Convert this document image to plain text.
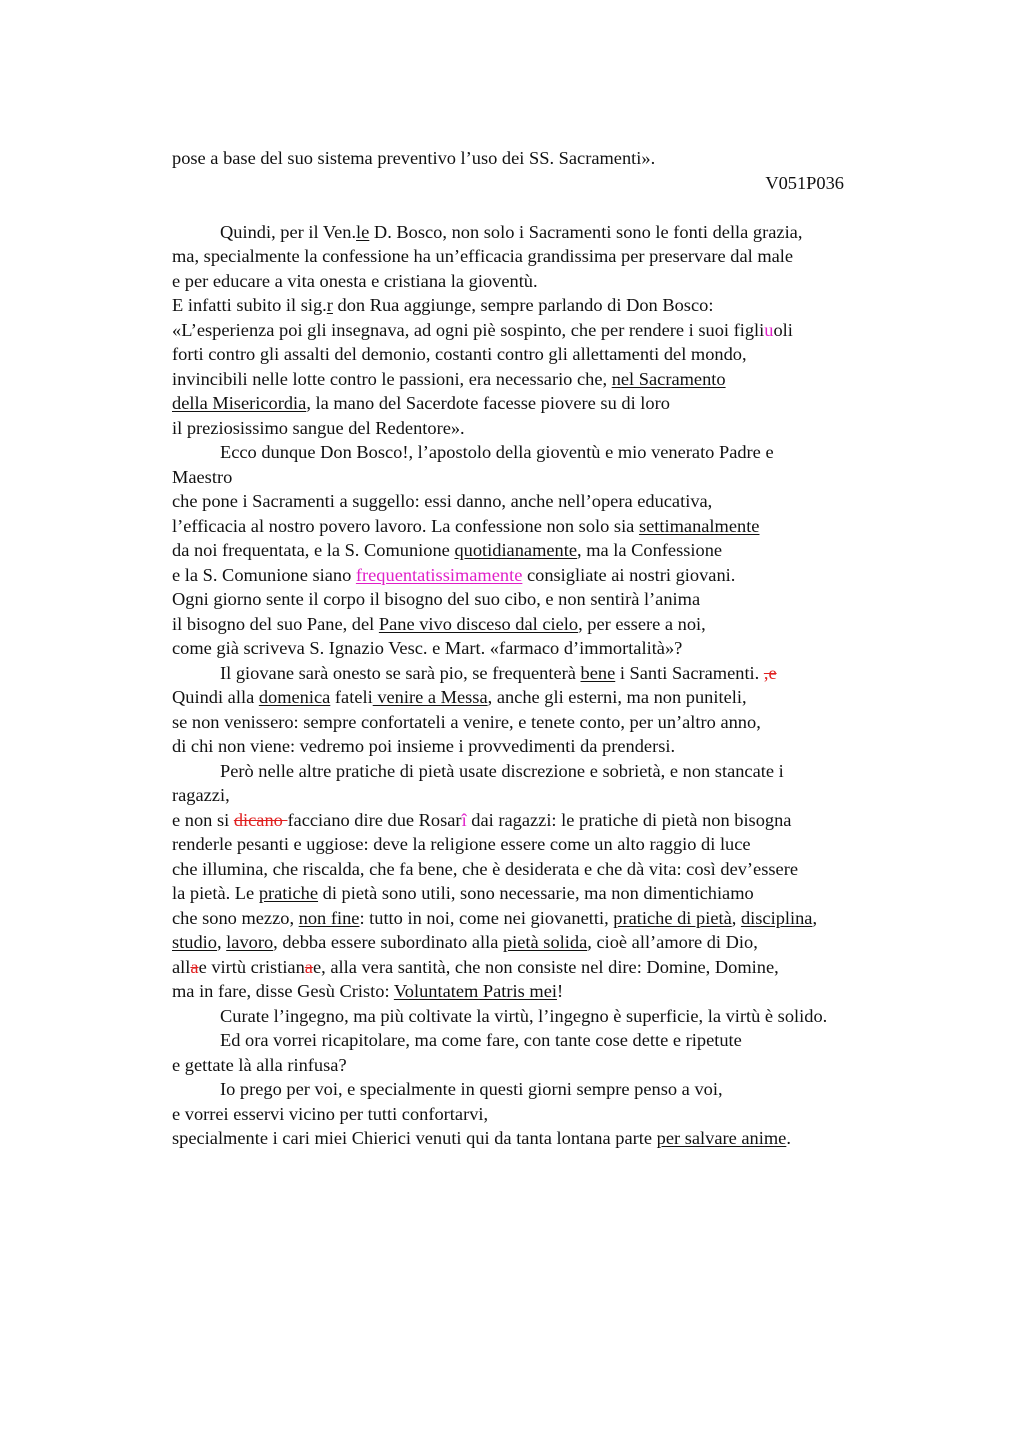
pose a base del suo sistema preventivo l’uso dei SS. Sacramenti».
V051P036
Quindi, per il Ven.le D. Bosco, non solo i Sacramenti sono le fonti della grazia,
ma, specialmente la confessione ha un’efficacia grandissima per preservare dal male
e per educare a vita onesta e cristiana la gioventù.
E infatti subito il sig.r don Rua aggiunge, sempre parlando di Don Bosco:
«L’esperienza poi gli insegnava, ad ogni piè sospinto, che per rendere i suoi figliuoli
forti contro gli assalti del demonio, costanti contro gli allettamenti del mondo,
invincibili nelle lotte contro le passioni, era necessario che, nel Sacramento
della Misericordia, la mano del Sacerdote facesse piovere su di loro
il preziosissimo sangue del Redentore».
Ecco dunque Don Bosco!, l’apostolo della gioventù e mio venerato Padre e
Maestro
che pone i Sacramenti a suggello: essi danno, anche nell’opera educativa,
l’efficacia al nostro povero lavoro. La confessione non solo sia settimanalmente
da noi frequentata, e la S. Comunione quotidianamente, ma la Confessione
e la S. Comunione siano frequentatissimamente consigliate ai nostri giovani.
Ogni giorno sente il corpo il bisogno del suo cibo, e non sentirà l’anima
il bisogno del suo Pane, del Pane vivo disceso dal cielo, per essere a noi,
come già scriveva S. Ignazio Vesc. e Mart. «farmaco d’immortalità»?
Il giovane sarà onesto se sarà pio, se frequenterà bene i Santi Sacramenti. ,e
Quindi alla domenica fateli venire a Messa, anche gli esterni, ma non puniteli,
se non venissero: sempre confortateli a venire, e tenete conto, per un’altro anno,
di chi non viene: vedremo poi insieme i provvedimenti da prendersi.
Però nelle altre pratiche di pietà usate discrezione e sobrietà, e non stancate i
ragazzi,
e non si dicano facciano dire due Rosarî dai ragazzi: le pratiche di pietà non bisogna
renderle pesanti e uggiose: deve la religione essere come un alto raggio di luce
che illumina, che riscalda, che fa bene, che è desiderata e che dà vita: così dev’essere
la pietà. Le pratiche di pietà sono utili, sono necessarie, ma non dimentichiamo
che sono mezzo, non fine: tutto in noi, come nei giovanetti, pratiche di pietà, disciplina,
studio, lavoro, debba essere subordinato alla pietà solida, cioè all’amore di Dio,
allae virtù cristianae, alla vera santità, che non consiste nel dire: Domine, Domine,
ma in fare, disse Gesù Cristo: Voluntatem Patris mei!
Curate l’ingegno, ma più coltivate la virtù, l’ingegno è superficie, la virtù è solido.
Ed ora vorrei ricapitolare, ma come fare, con tante cose dette e ripetute
e gettate là alla rinfusa?
Io prego per voi, e specialmente in questi giorni sempre penso a voi,
e vorrei esservi vicino per tutti confortarvi,
specialmente i cari miei Chierici venuti qui da tanta lontana parte per salvare anime.
